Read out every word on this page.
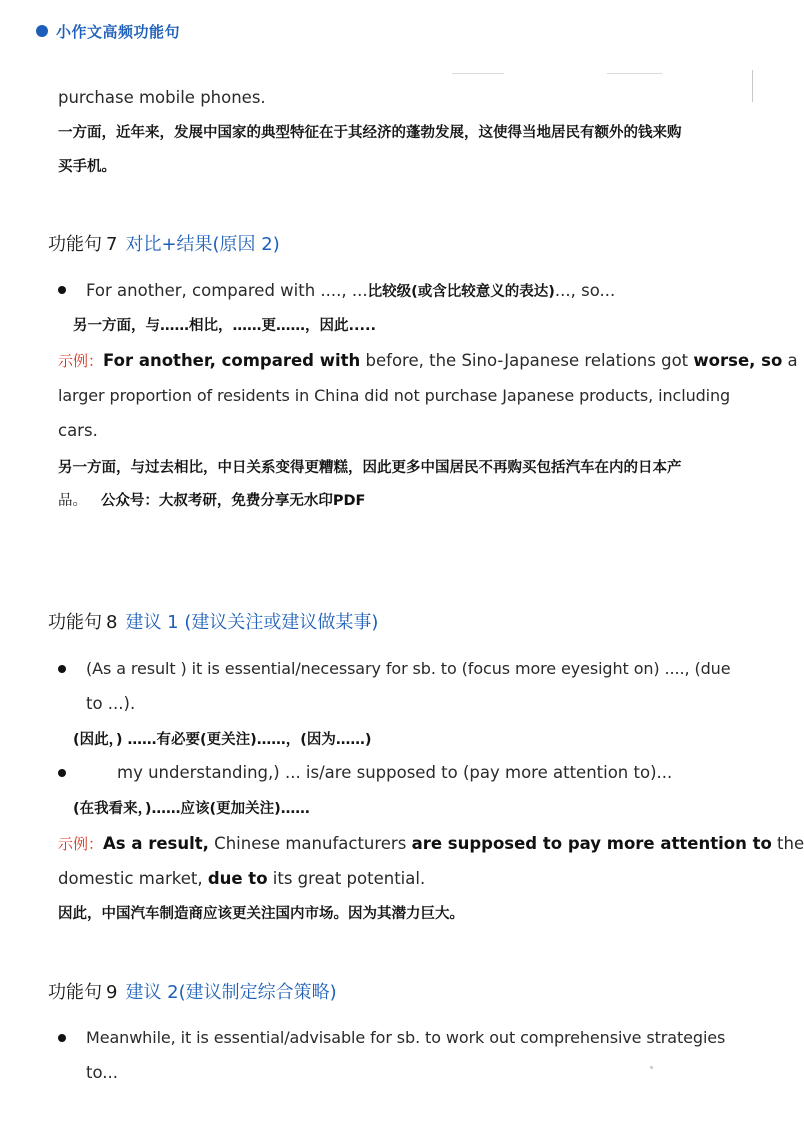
小作文高频功能句
purchase mobile phones.
一方面，近年来，发展中国家的典型特征在于其经济的蓬勃发展，这使得当地居民有额外的钱来购
买手机。
功能句 7 对比+结果(原因 2)
For another, compared with ...., ...比较级(或含比较意义的表达)..., so...
另一方面，与……相比，……更……，因此.....
示例：For another, compared with before, the Sino-Japanese relations got worse, so a
larger proportion of residents in China did not purchase Japanese products, including
cars.
另一方面，与过去相比，中日关系变得更糟糕，因此更多中国居民不再购买包括汽车在内的日本产
品。 公众号：大叔考研，免费分享无水印PDF
功能句 8 建议 1 (建议关注或建议做某事)
(As a result ) it is essential/necessary for sb. to (focus more eyesight on) ...., (due
to ...).
(因此，) ……有必要(更关注)……，(因为……)
my understanding,) ... is/are supposed to (pay more attention to)...
(在我看来，)……应该(更加关注)……
示例：As a result, Chinese manufacturers are supposed to pay more attention to the
domestic market, due to its great potential.
因此，中国汽车制造商应该更关注国内市场。因为其潜力巨大。
功能句 9 建议 2(建议制定综合策略)
Meanwhile, it is essential/advisable for sb. to work out comprehensive strategies
to...
